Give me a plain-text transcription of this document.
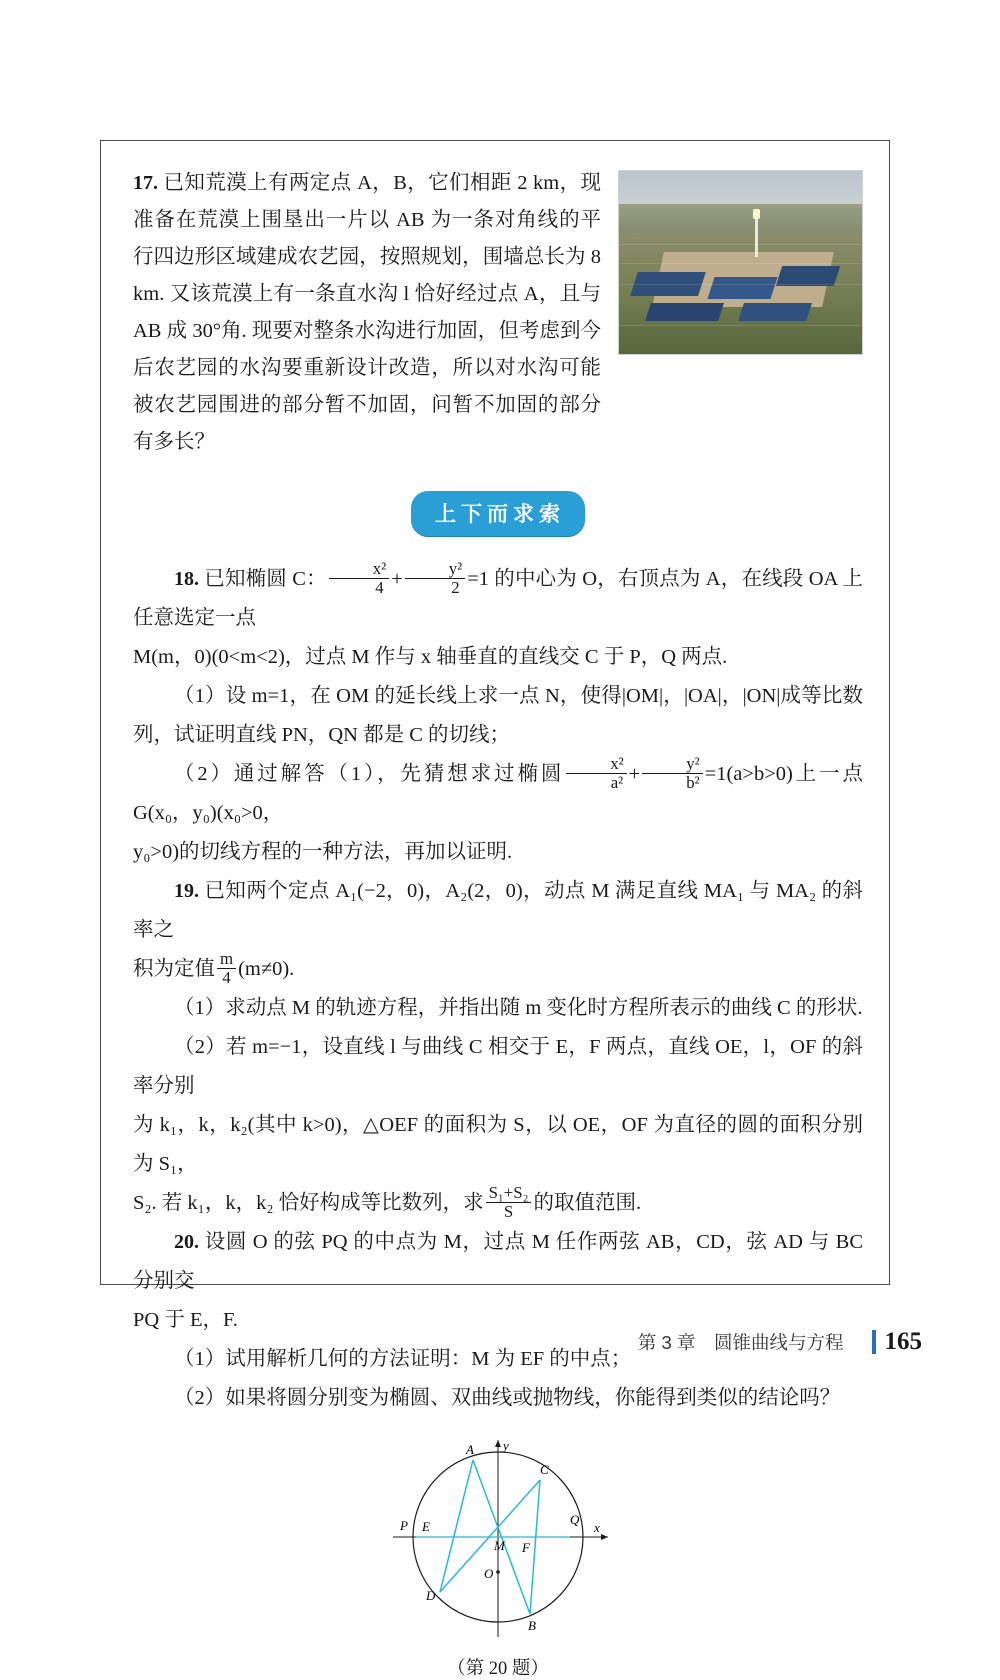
17. 已知荒漠上有两定点 A，B，它们相距 2 km，现准备在荒漠上围垦出一片以 AB 为一条对角线的平行四边形区域建成农艺园，按照规划，围墙总长为 8 km. 又该荒漠上有一条直水沟 l 恰好经过点 A，且与 AB 成 30°角. 现要对整条水沟进行加固，但考虑到今后农艺园的水沟要重新设计改造，所以对水沟可能被农艺园围进的部分暂不加固，问暂不加固的部分有多长？
上下而求索

18. 已知椭圆 C： $\frac{\text{x²}}{4} + \frac{\text{y²}}{2} =1$ 的中心为 O，右顶点为 A，在线段 OA 上任意选定一点

M(m，0)(0<m<2)，过点 M 作与 x 轴垂直的直线交 C 于 P，Q 两点.

（1）设 m=1，在 OM 的延长线上求一点 N，使得|OM|，|OA|，|ON|成等比数列，试证明直线 PN，QN 都是 C 的切线；

（2）通过解答（1），先猜想求过椭圆 $\frac{\text{x²}}{\text{a²}} + \frac{\text{y²}}{\text{b²}} =1(a>b>0)$上一点 G(x₀，y₀)(x₀>0，

y₀>0)的切线方程的一种方法，再加以证明.

19. 已知两个定点 A₁(−2，0)，A₂(2，0)，动点 M 满足直线 MA₁ 与 MA₂ 的斜率之

积为定值 $\frac{m}{4} (m\ne 0)$.

（1）求动点 M 的轨迹方程，并指出随 m 变化时方程所表示的曲线 C 的形状.

（2）若 m=−1，设直线 l 与曲线 C 相交于 E，F 两点，直线 OE，l，OF 的斜率分别

为 k₁，k，k₂(其中 k>0)，△OEF 的面积为 S，以 OE，OF 为直径的圆的面积分别为 S₁，

S₂. 若 k₁，k，k₂ 恰好构成等比数列，求 $\frac{\text{S₁+S₂}}{S}$ 的取值范围.

20. 设圆 O 的弦 PQ 的中点为 M，过点 M 任作两弦 AB，CD，弦 AD 与 BC 分别交

PQ 于 E，F.

（1）试用解析几何的方法证明：M 为 EF 的中点；

（2）如果将圆分别变为椭圆、双曲线或抛物线，你能得到类似的结论吗？

A
C
Q
P E
M F
D
O
B
x
y
（第 20 题）
第 3 章　圆锥曲线与方程 165
